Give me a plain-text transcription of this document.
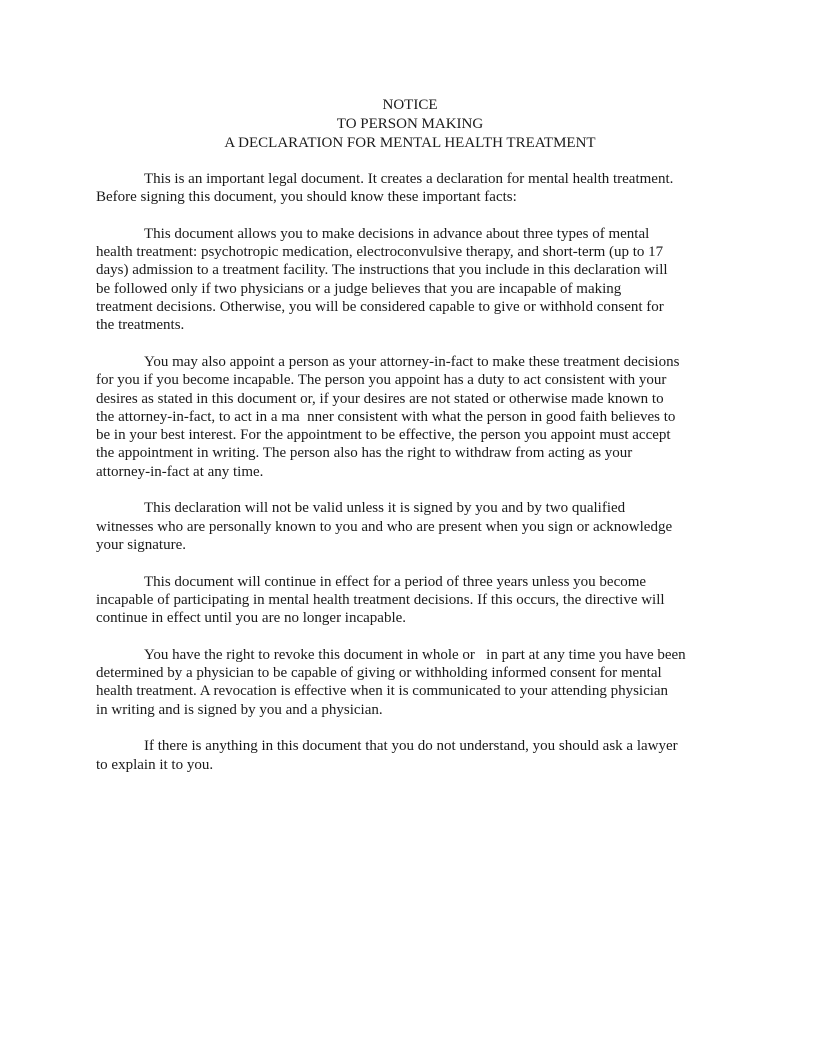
NOTICE
TO PERSON MAKING
A DECLARATION FOR MENTAL HEALTH TREATMENT
This is an important legal document. It creates a declaration for mental health treatment.
Before signing this document, you should know these important facts:
This document allows you to make decisions in advance about three types of mental
health treatment: psychotropic medication, electroconvulsive therapy, and short-term (up to 17
days) admission to a treatment facility. The instructions that you include in this declaration will
be followed only if two physicians or a judge believes that you are incapable of making
treatment decisions. Otherwise, you will be considered capable to give or withhold consent for
the treatments.
You may also appoint a person as your attorney-in-fact to make these treatment decisions
for you if you become incapable. The person you appoint has a duty to act consistent with your
desires as stated in this document or, if your desires are not stated or otherwise made known to
the attorney-in-fact, to act in a ma  nner consistent with what the person in good faith believes to
be in your best interest. For the appointment to be effective, the person you appoint must accept
the appointment in writing. The person also has the right to withdraw from acting as your
attorney-in-fact at any time.
This declaration will not be valid unless it is signed by you and by two qualified
witnesses who are personally known to you and who are present when you sign or acknowledge
your signature.
This document will continue in effect for a period of three years unless you become
incapable of participating in mental health treatment decisions. If this occurs, the directive will
continue in effect until you are no longer incapable.
You have the right to revoke this document in whole or   in part at any time you have been
determined by a physician to be capable of giving or withholding informed consent for mental
health treatment. A revocation is effective when it is communicated to your attending physician
in writing and is signed by you and a physician.
If there is anything in this document that you do not understand, you should ask a lawyer
to explain it to you.
